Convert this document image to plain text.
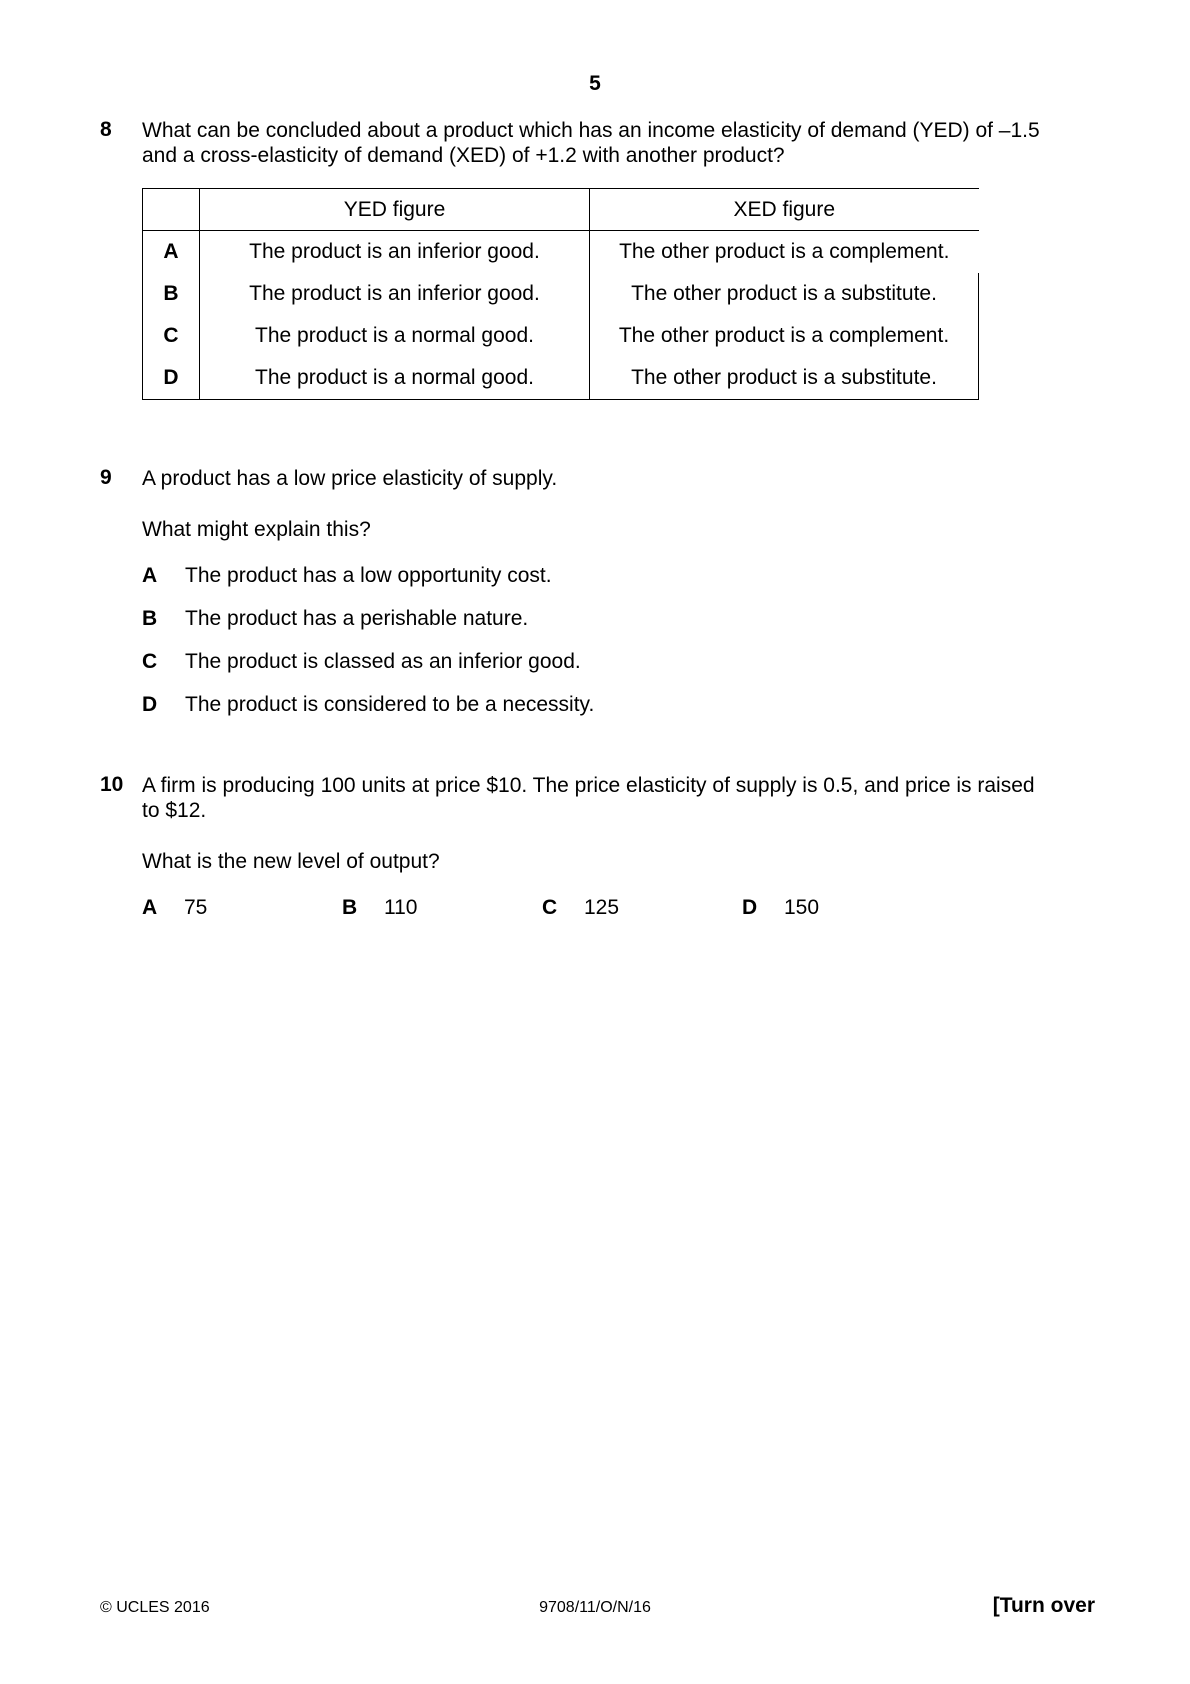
5
8 What can be concluded about a product which has an income elasticity of demand (YED) of –1.5

and a cross-elasticity of demand (XED) of +1.2 with another product?

	YED figure	XED figure
A	The product is an inferior good.	The other product is a complement.
B	The product is an inferior good.	The other product is a substitute.
C	The product is a normal good.	The other product is a complement.
D	The product is a normal good.	The other product is a substitute.
9 A product has a low price elasticity of supply.

What might explain this?

A The product has a low opportunity cost.
B The product has a perishable nature.
C The product is classed as an inferior good.
D The product is considered to be a necessity.
10 A firm is producing 100 units at price $10. The price elasticity of supply is 0.5, and price is raised

to $12.

What is the new level of output?

A 75	B 110	C 125	D 150
© UCLES 2016	9708/11/O/N/16	[Turn over
